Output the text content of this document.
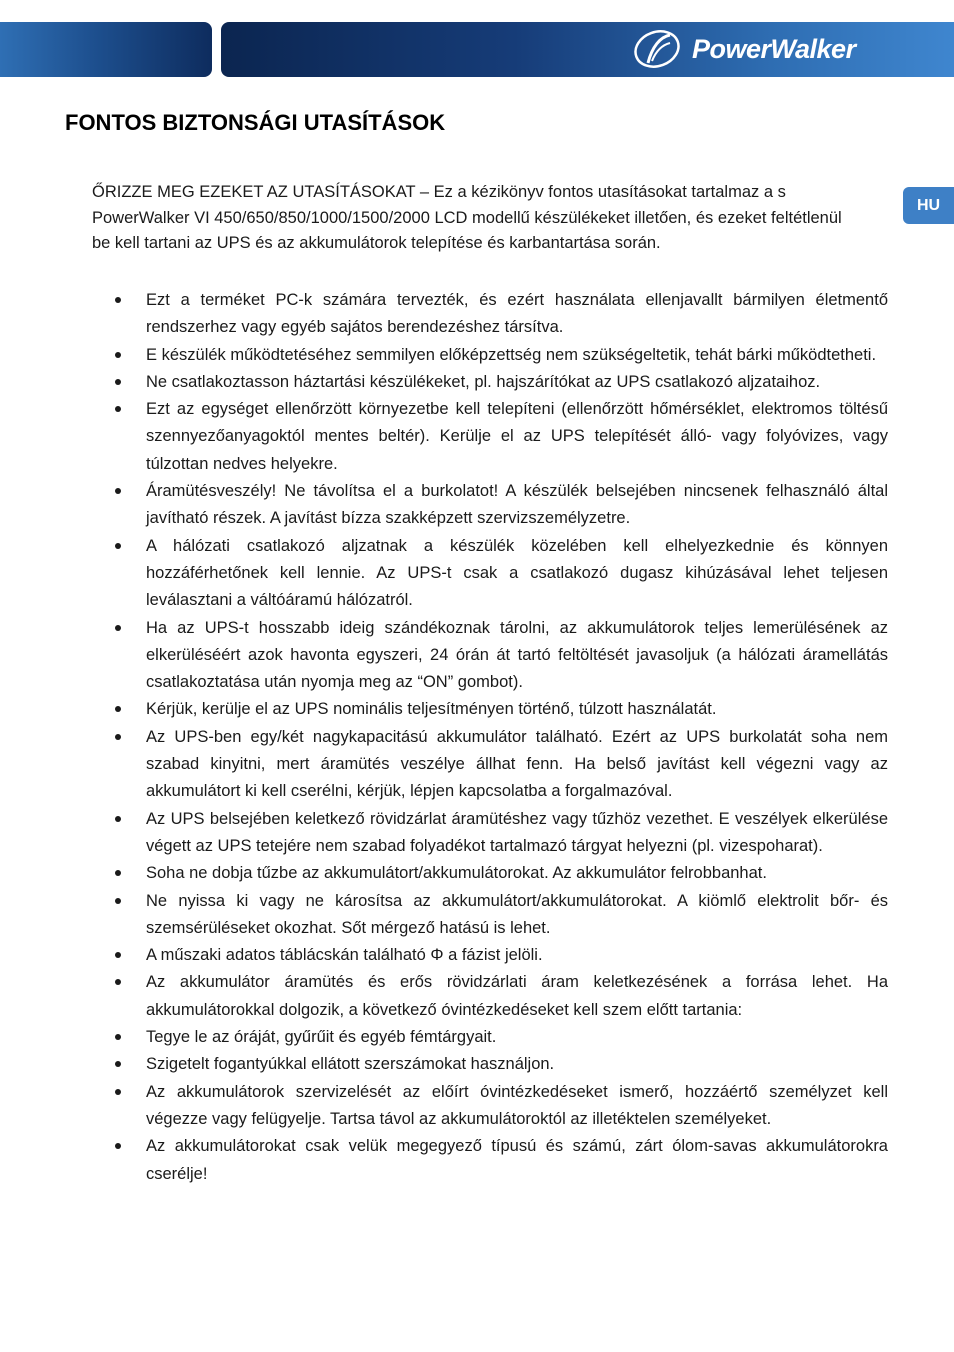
PowerWalker
FONTOS BIZTONSÁGI UTASÍTÁSOK
HU

ŐRIZZE MEG EZEKET AZ UTASÍTÁSOKAT – Ez a kézikönyv fontos utasításokat tartalmaz a s PowerWalker VI 450/650/850/1000/1500/2000 LCD modellű készülékeket illetően, és ezeket feltétlenül be kell tartani az UPS és az akkumulátorok telepítése és karbantartása során.

Ezt a terméket PC-k számára tervezték, és ezért használata ellenjavallt bármilyen életmentő rendszerhez vagy egyéb sajátos berendezéshez társítva.
E készülék működtetéséhez semmilyen előképzettség nem szükségeltetik, tehát bárki működtetheti.
Ne csatlakoztasson háztartási készülékeket, pl. hajszárítókat az UPS csatlakozó aljzataihoz.
Ezt az egységet ellenőrzött környezetbe kell telepíteni (ellenőrzött hőmérséklet, elektromos töltésű szennyezőanyagoktól mentes beltér). Kerülje el az UPS telepítését álló- vagy folyóvizes, vagy túlzottan nedves helyekre.
Áramütésveszély! Ne távolítsa el a burkolatot! A készülék belsejében nincsenek felhasználó által javítható részek. A javítást bízza szakképzett szervizszemélyzetre.
A hálózati csatlakozó aljzatnak a készülék közelében kell elhelyezkednie és könnyen hozzáférhetőnek kell lennie. Az UPS-t csak a csatlakozó dugasz kihúzásával lehet teljesen leválasztani a váltóáramú hálózatról.
Ha az UPS-t hosszabb ideig szándékoznak tárolni, az akkumulátorok teljes lemerülésének az elkerüléséért azok havonta egyszeri, 24 órán át tartó feltöltését javasoljuk (a hálózati áramellátás csatlakoztatása után nyomja meg az “ON” gombot).
Kérjük, kerülje el az UPS nominális teljesítményen történő, túlzott használatát.
Az UPS-ben egy/két nagykapacitású akkumulátor található. Ezért az UPS burkolatát soha nem szabad kinyitni, mert áramütés veszélye állhat fenn. Ha belső javítást kell végezni vagy az akkumulátort ki kell cserélni, kérjük, lépjen kapcsolatba a forgalmazóval.
Az UPS belsejében keletkező rövidzárlat áramütéshez vagy tűzhöz vezethet. E veszélyek elkerülése végett az UPS tetejére nem szabad folyadékot tartalmazó tárgyat helyezni (pl. vizespoharat).
Soha ne dobja tűzbe az akkumulátort/akkumulátorokat. Az akkumulátor felrobbanhat.
Ne nyissa ki vagy ne károsítsa az akkumulátort/akkumulátorokat. A kiömlő elektrolit bőr- és szemsérüléseket okozhat. Sőt mérgező hatású is lehet.
A műszaki adatos táblácskán található Φ a fázist jelöli.
Az akkumulátor áramütés és erős rövidzárlati áram keletkezésének a forrása lehet. Ha akkumulátorokkal dolgozik, a következő óvintézkedéseket kell szem előtt tartania:
Tegye le az óráját, gyűrűit és egyéb fémtárgyait.
Szigetelt fogantyúkkal ellátott szerszámokat használjon.
Az akkumulátorok szervizelését az előírt óvintézkedéseket ismerő, hozzáértő személyzet kell végezze vagy felügyelje. Tartsa távol az akkumulátoroktól az illetéktelen személyeket.
Az akkumulátorokat csak velük megegyező típusú és számú, zárt ólom-savas akkumulátorokra cserélje!
